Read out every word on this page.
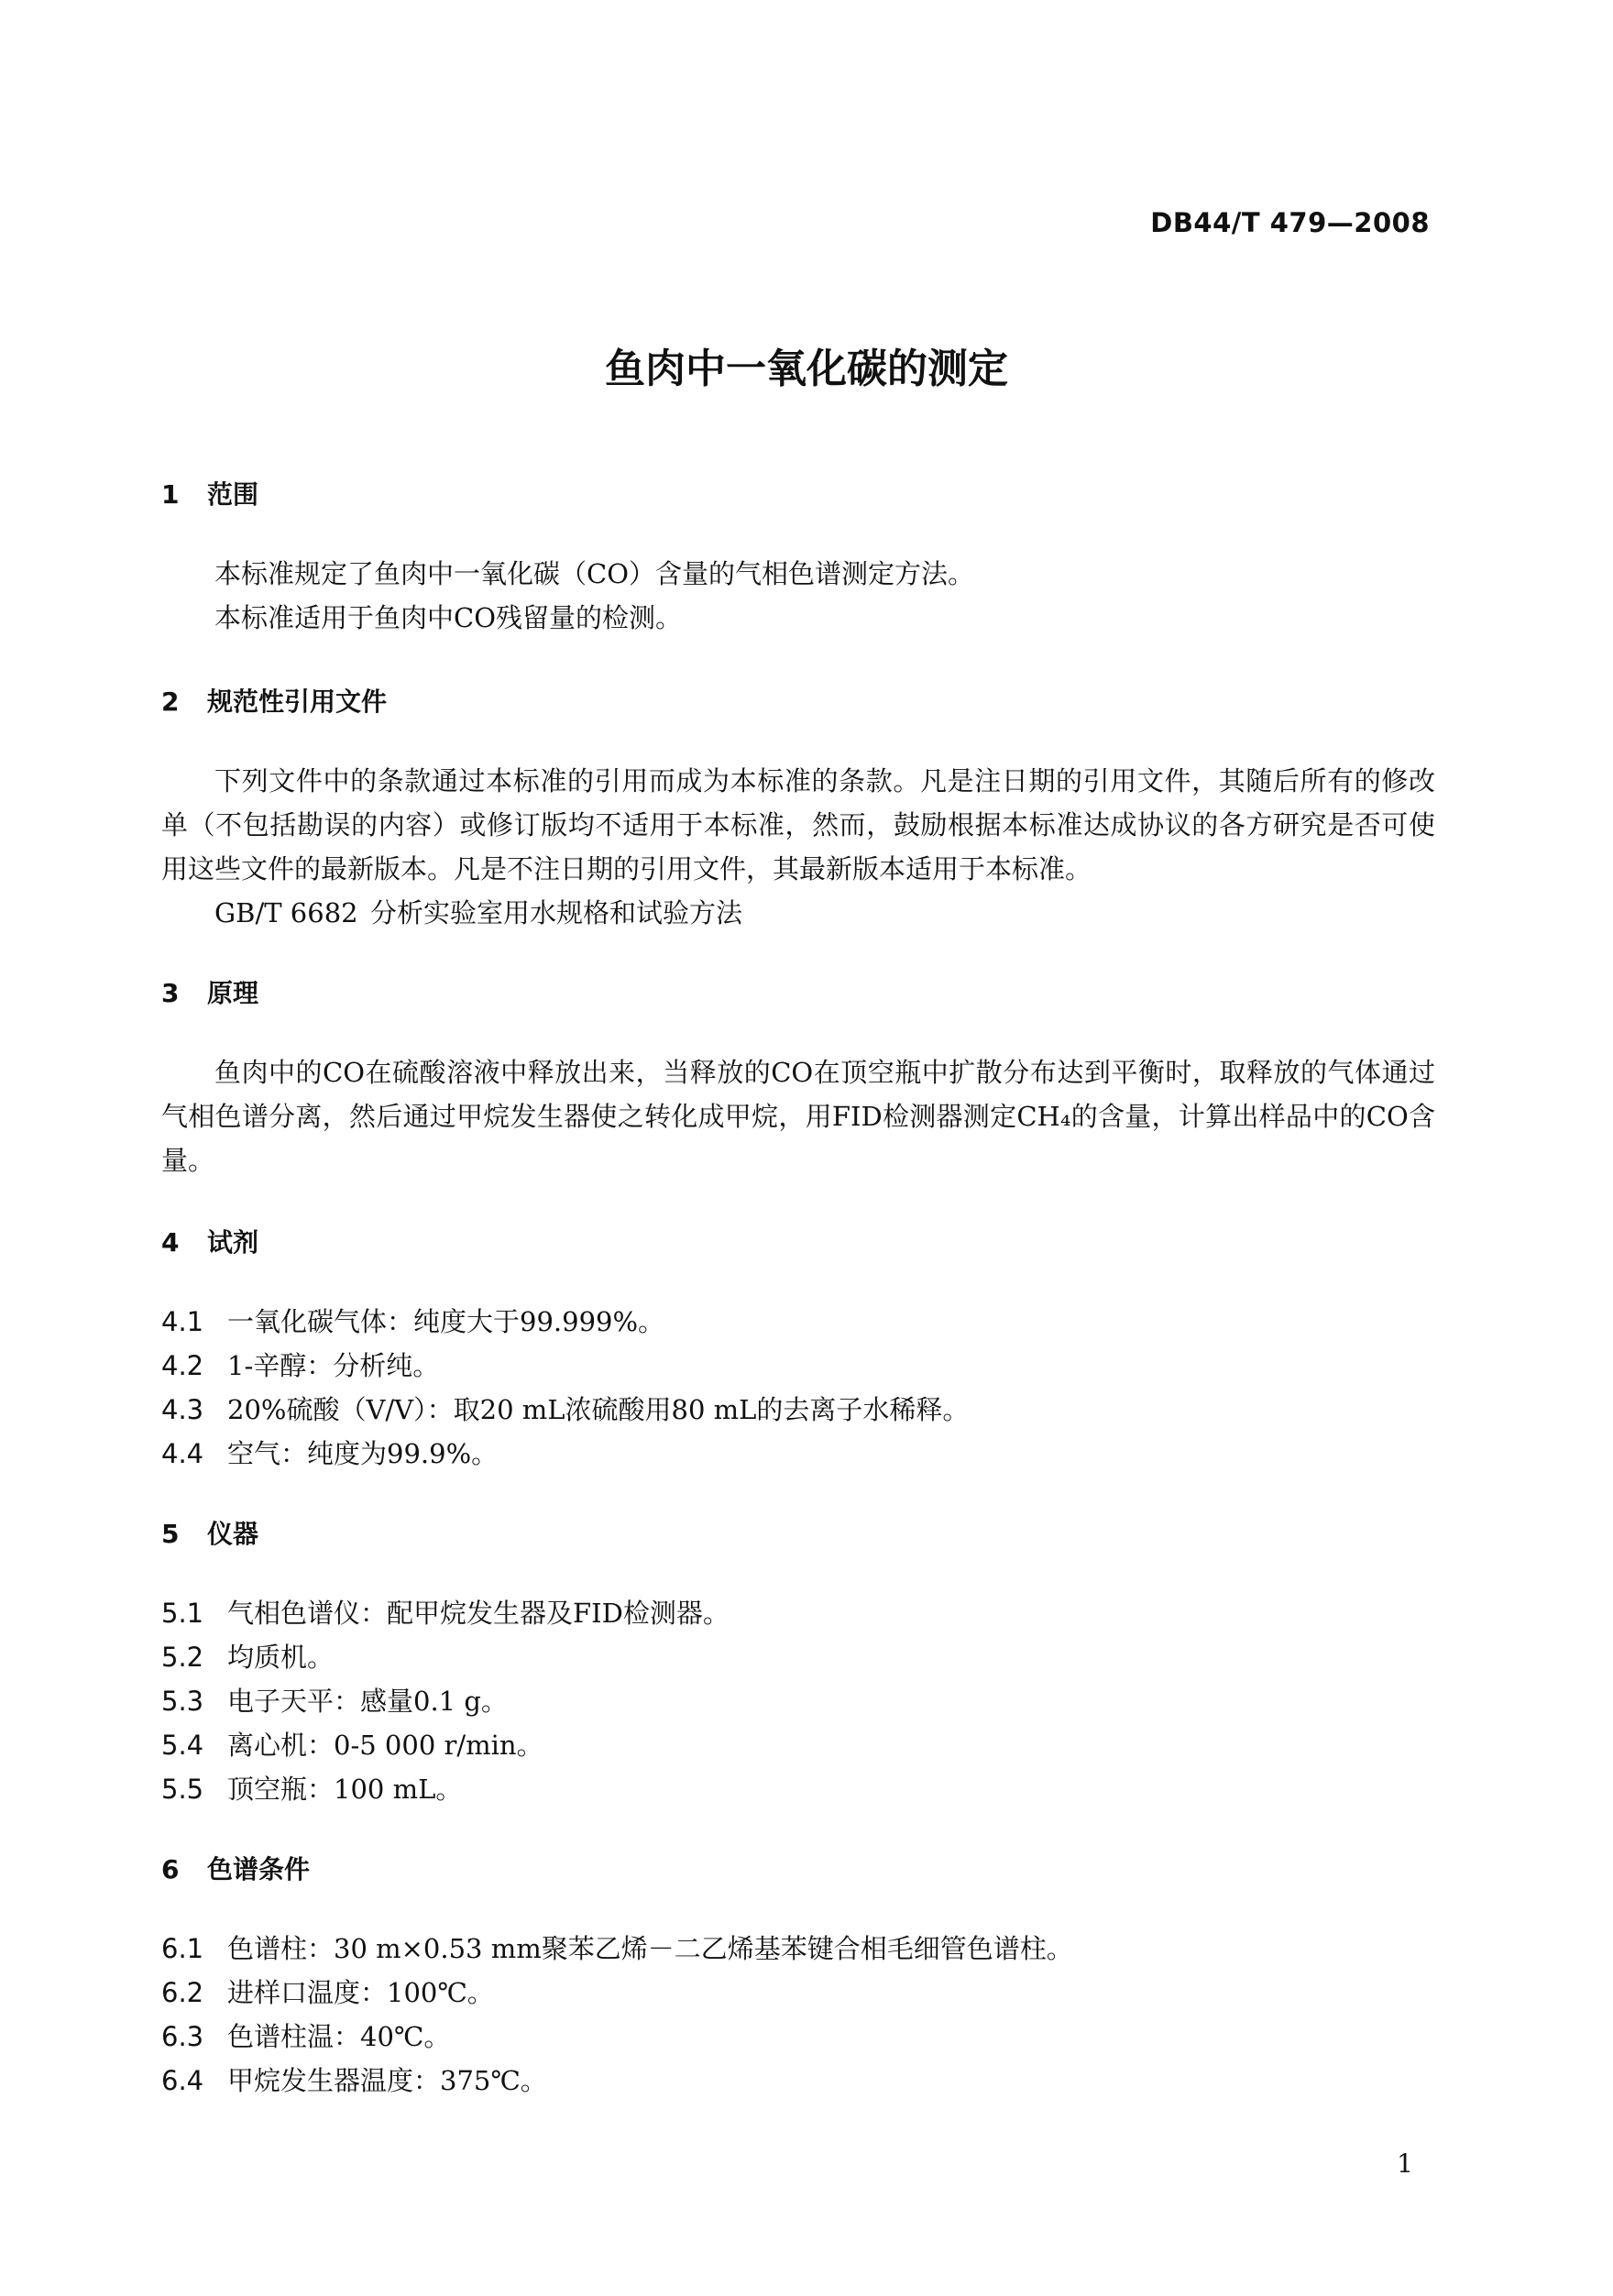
DB44/T 479—2008
鱼肉中一氧化碳的测定
1 范围

本标准规定了鱼肉中一氧化碳（CO）含量的气相色谱测定方法。

本标准适用于鱼肉中CO残留量的检测。

2 规范性引用文件

下列文件中的条款通过本标准的引用而成为本标准的条款。凡是注日期的引用文件，其随后所有的修改单（不包括勘误的内容）或修订版均不适用于本标准，然而，鼓励根据本标准达成协议的各方研究是否可使用这些文件的最新版本。凡是不注日期的引用文件，其最新版本适用于本标准。

GB/T 6682 分析实验室用水规格和试验方法

3 原理

鱼肉中的CO在硫酸溶液中释放出来，当释放的CO在顶空瓶中扩散分布达到平衡时，取释放的气体通过气相色谱分离，然后通过甲烷发生器使之转化成甲烷，用FID检测器测定CH₄的含量，计算出样品中的CO含量。

4 试剂

4.1 一氧化碳气体：纯度大于99.999%。

4.2 1-辛醇：分析纯。

4.3 20%硫酸（V/V）：取20 mL浓硫酸用80 mL的去离子水稀释。

4.4 空气：纯度为99.9%。

5 仪器

5.1 气相色谱仪：配甲烷发生器及FID检测器。

5.2 均质机。

5.3 电子天平：感量0.1 g。

5.4 离心机：0-5 000 r/min。

5.5 顶空瓶：100 mL。

6 色谱条件

6.1 色谱柱：30 m×0.53 mm聚苯乙烯－二乙烯基苯键合相毛细管色谱柱。

6.2 进样口温度：100℃。

6.3 色谱柱温：40℃。

6.4 甲烷发生器温度：375℃。

1
